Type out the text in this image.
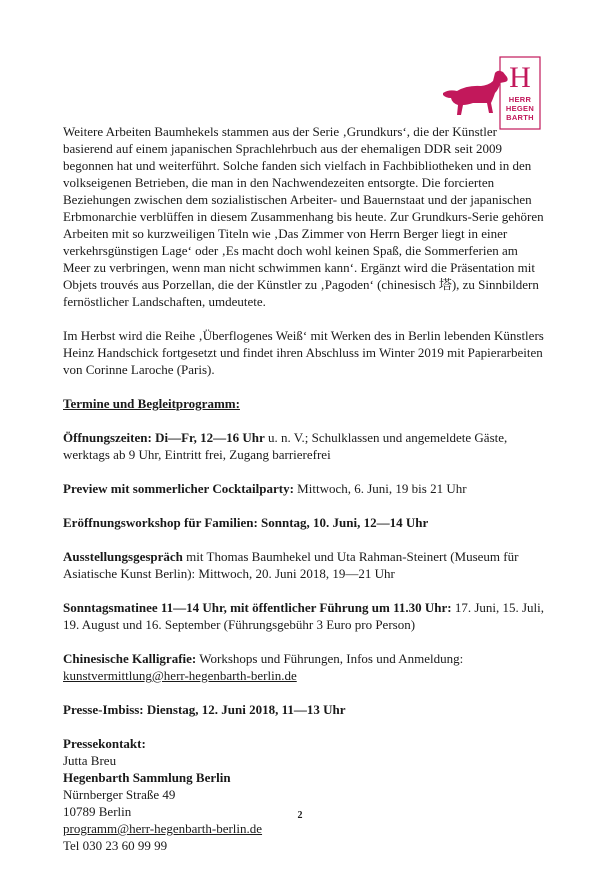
H
HERR
HEGEN
BARTH

Weitere Arbeiten Baumhekels stammen aus der Serie ‚Grundkurs‘, die der Künstler basierend auf einem japanischen Sprachlehrbuch aus der ehemaligen DDR seit 2009 begonnen hat und weiterführt. Solche fanden sich vielfach in Fachbibliotheken und in den volkseigenen Betrieben, die man in den Nachwendezeiten entsorgte. Die forcierten Beziehungen zwischen dem sozialistischen Arbeiter- und Bauernstaat und der japanischen Erbmonarchie verblüffen in diesem Zusammenhang bis heute. Zur Grundkurs-Serie gehören Arbeiten mit so kurzweiligen Titeln wie ‚Das Zimmer von Herrn Berger liegt in einer verkehrsgünstigen Lage‘ oder ‚Es macht doch wohl keinen Spaß, die Sommerferien am Meer zu verbringen, wenn man nicht schwimmen kann‘. Ergänzt wird die Präsentation mit Objets trouvés aus Porzellan, die der Künstler zu ‚Pagoden‘ (chinesisch 塔), zu Sinnbildern fernöstlicher Landschaften, umdeutete.

Im Herbst wird die Reihe ‚Überflogenes Weiß‘ mit Werken des in Berlin lebenden Künstlers Heinz Handschick fortgesetzt und findet ihren Abschluss im Winter 2019 mit Papierarbeiten von Corinne Laroche (Paris).

Termine und Begleitprogramm:

Öffnungszeiten: Di—Fr, 12—16 Uhr u. n. V.; Schulklassen und angemeldete Gäste, werktags ab 9 Uhr, Eintritt frei, Zugang barrierefrei

Preview mit sommerlicher Cocktailparty: Mittwoch, 6. Juni, 19 bis 21 Uhr

Eröffnungsworkshop für Familien: Sonntag, 10. Juni, 12—14 Uhr

Ausstellungsgespräch mit Thomas Baumhekel und Uta Rahman-Steinert (Museum für Asiatische Kunst Berlin): Mittwoch, 20. Juni 2018, 19—21 Uhr

Sonntagsmatinee 11—14 Uhr, mit öffentlicher Führung um 11.30 Uhr: 17. Juni, 15. Juli, 19. August und 16. September (Führungsgebühr 3 Euro pro Person)

Chinesische Kalligrafie: Workshops und Führungen, Infos und Anmeldung:
kunstvermittlung@herr-hegenbarth-berlin.de

Presse-Imbiss: Dienstag, 12. Juni 2018, 11—13 Uhr

Pressekontakt:
Jutta Breu
Hegenbarth Sammlung Berlin
Nürnberger Straße 49
10789 Berlin
programm@herr-hegenbarth-berlin.de
Tel 030 23 60 99 99

2
